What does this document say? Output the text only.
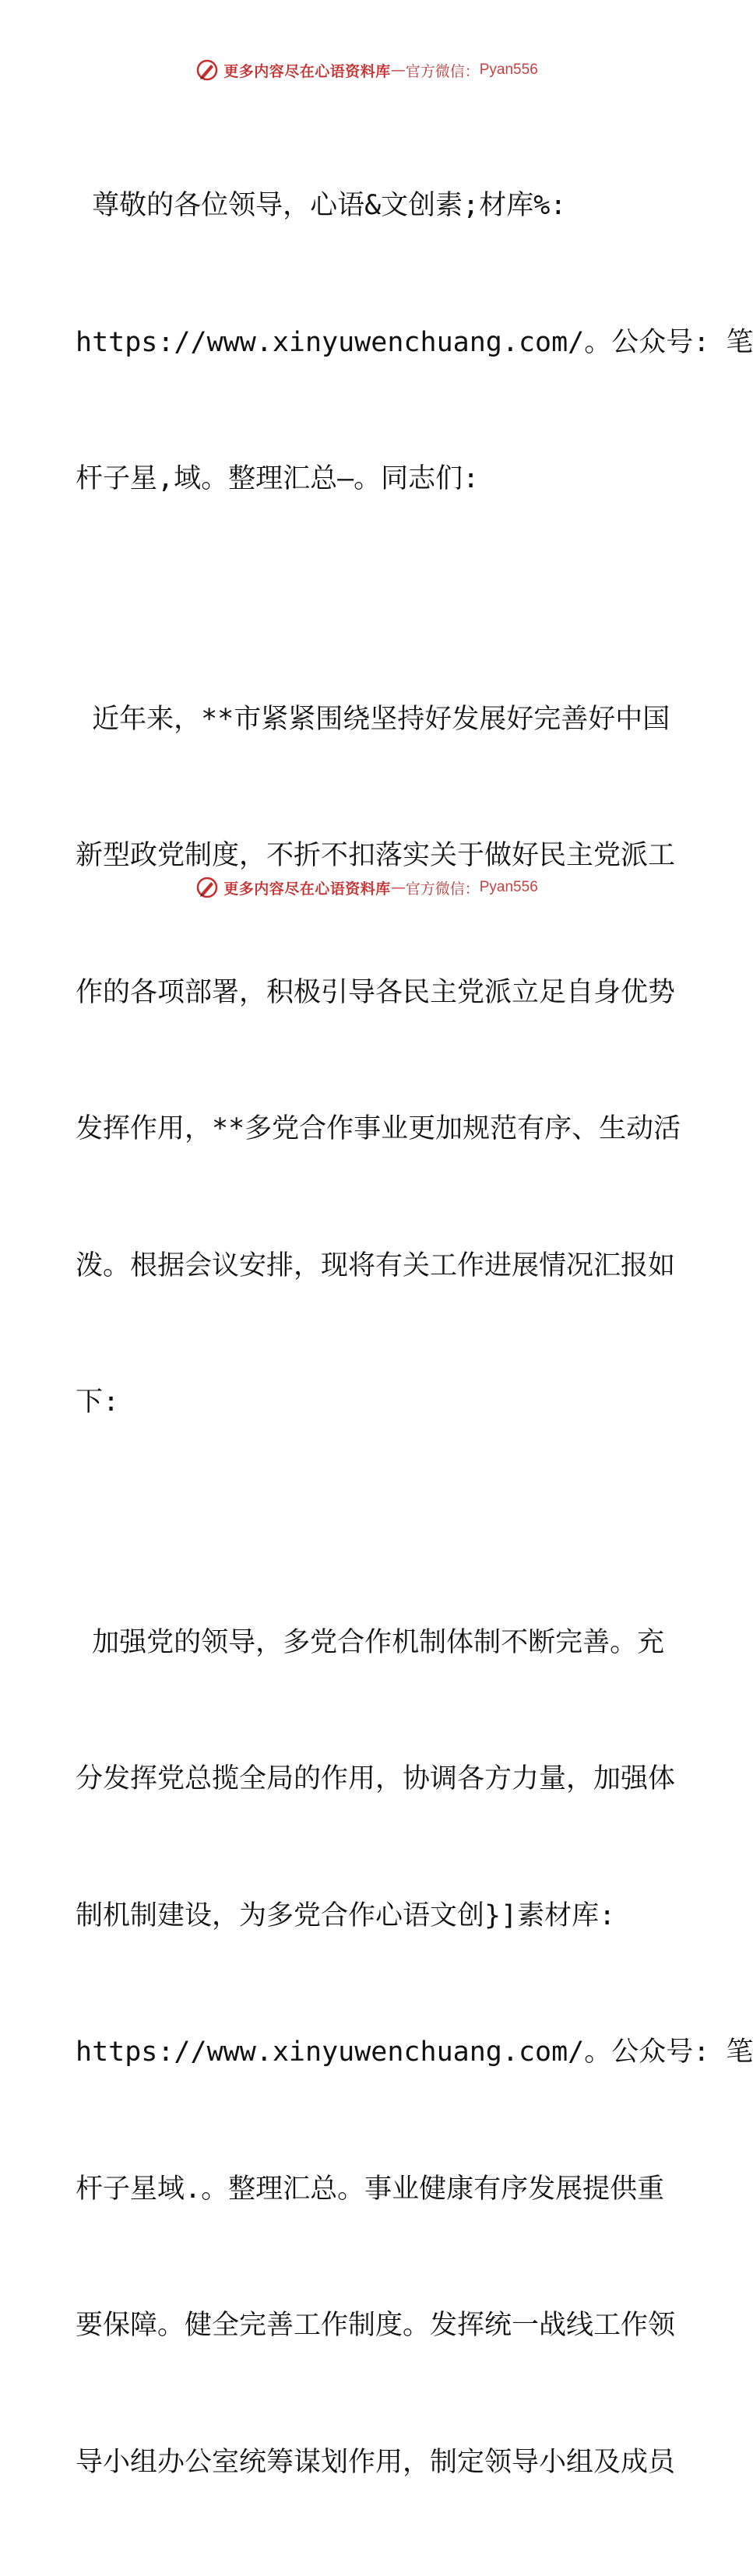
更多内容尽在心语资料库 — 官方微信： Pyan556

尊敬的各位领导，心语&文创素;材库%:

https://www.xinyuwenchuang.com/。公众号: 笔

杆子星,域。整理汇总—。同志们:

近年来，**市紧紧围绕坚持好发展好完善好中国

新型政党制度，不折不扣落实关于做好民主党派工

作的各项部署，积极引导各民主党派立足自身优势

发挥作用，**多党合作事业更加规范有序、生动活

泼。根据会议安排，现将有关工作进展情况汇报如

下:

加强党的领导，多党合作机制体制不断完善。充

分发挥党总揽全局的作用，协调各方力量，加强体

制机制建设，为多党合作心语文创}]素材库:

https://www.xinyuwenchuang.com/。公众号: 笔

杆子星域.。整理汇总。事业健康有序发展提供重

要保障。健全完善工作制度。发挥统一战线工作领

导小组办公室统筹谋划作用，制定领导小组及成员

更多内容尽在心语资料库 — 官方微信： Pyan556
